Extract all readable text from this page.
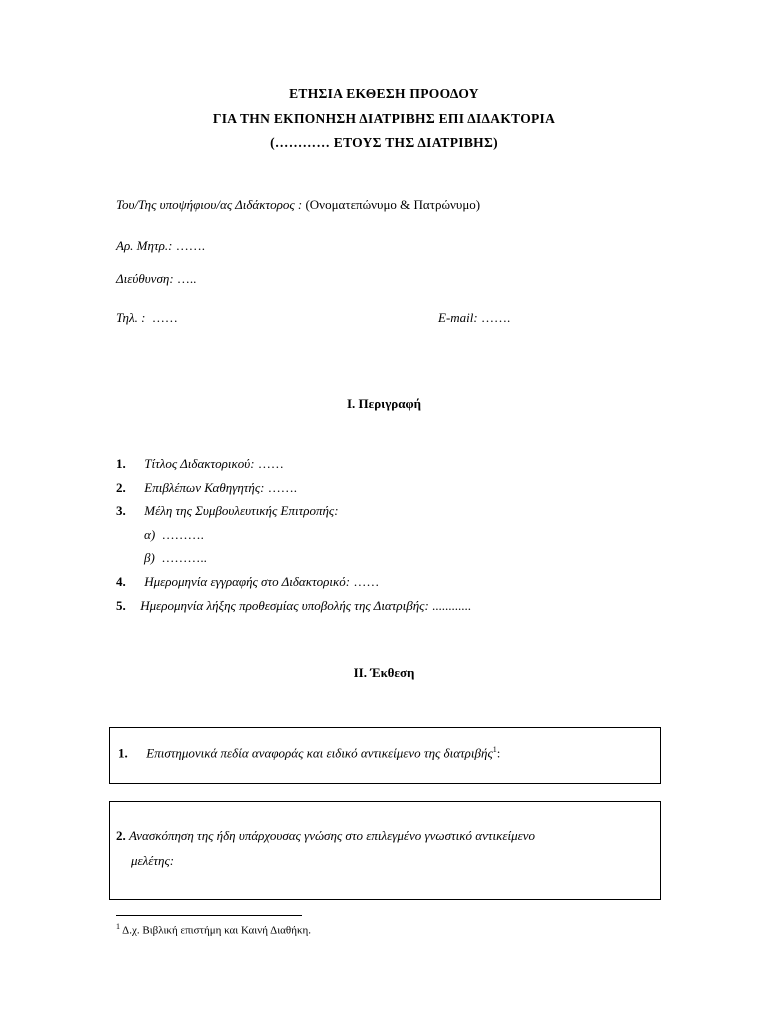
ΕΤΗΣΙΑ ΕΚΘΕΣΗ ΠΡΟΟΔΟΥ
ΓΙΑ ΤΗΝ ΕΚΠΟΝΗΣΗ ΔΙΑΤΡΙΒΗΣ ΕΠΙ ΔΙΔΑΚΤΟΡΙΑ
(………… ΕΤΟΥΣ ΤΗΣ ΔΙΑΤΡΙΒΗΣ)
Του/Της υποψήφιου/ας Διδάκτορος : (Ονοματεπώνυμο & Πατρώνυμο)
Αρ. Μητρ.: …….
Διεύθυνση: …..
Τηλ. : ……	E-mail: …….
I. Περιγραφή
1. Τίτλος Διδακτορικού: ……
2. Επιβλέπων Καθηγητής: …….
3. Μέλη της Συμβουλευτικής Επιτροπής:
α) ……….
β) ………..
4. Ημερομηνία εγγραφής στο Διδακτορικό: ……
5. Ημερομηνία λήξης προθεσμίας υποβολής της Διατριβής: ............
II. Έκθεση
1. Επιστημονικά πεδία αναφοράς και ειδικό αντικείμενο της διατριβής$^1$:
2. Ανασκόπηση της ήδη υπάρχουσας γνώσης στο επιλεγμένο γνωστικό αντικείμενο
μελέτης:
$^1$ Δ.χ. Βιβλική επιστήμη και Καινή Διαθήκη.
